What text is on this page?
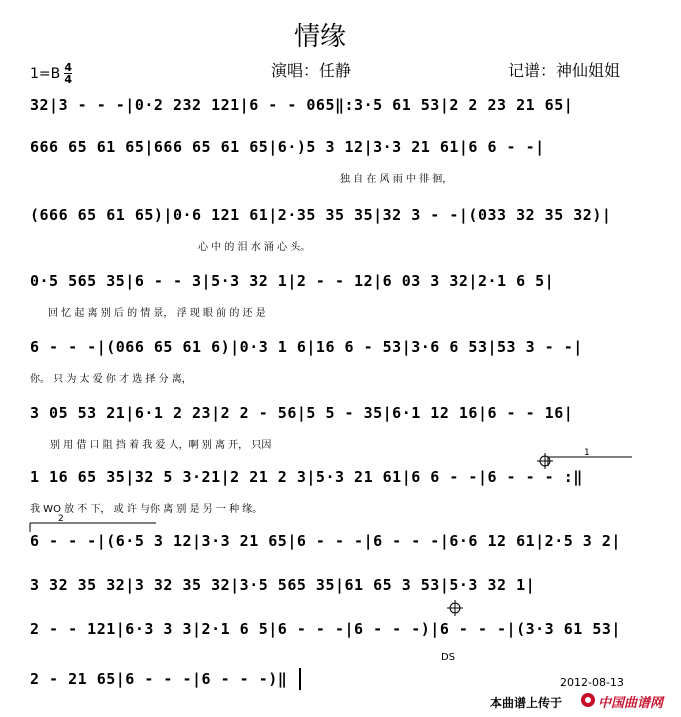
情缘
$1=B \frac{4}{4}$	演唱：任静	记谱：神仙姐姐
32|3 - - -|0·2 232 121|6 - - 065‖:3·5 61 53|2 2 23 21 65|
666 65 61 65|666 65 61 65|6·)5 3 12|3·3 21 61|6 6 - -|
独 自 在 风 雨 中 徘 徊，
(666 65 61 65)|0·6 121 61|2·35 35 35|32 3 - -|(033 32 35 32)|
心 中 的 泪 水 涌 心 头。
0·5 565 35|6 - - 3|5·3 32 1|2 - - 12|6 03 3 32|2·1 6 5|
回 忆 起 离 别 后 的 情 景， 浮 现 眼 前 的 还 是
6 - - -|(066 65 61 6)|0·3 1 6|16 6 - 53|3·6 6 53|53 3 - -|
你。 只 为 太 爱 你 才 选 择 分 离，
3 05 53 21|6·1 2 23|2 2 - 56|5 5 - 35|6·1 12 16|6 - - 16|
别 用 借 口 阻 挡 着 我 爱 人，啊 别 离 开， 只因
1 16 65 35|32 5 3·21|2 21 2 3|5·3 21 61|6 6 - -|6 - - - :‖
我 WO 放 不 下， 或 许 与你 离 别 是 另 一 种 缘。
6 - - -|(6·5 3 12|3·3 21 65|6 - - -|6 - - -|6·6 12 61|2·5 3 2|
3 32 35 32|3 32 35 32|3·5 565 35|61 65 3 53|5·3 32 1|
2 - - 121|6·3 3 3|2·1 6 5|6 - - -|6 - - -)|6 - - -|(3·3 61 53|
DS
2 - 21 65|6 - - -|6 - - -)‖
1
2
2012-08-13
本曲谱上传于	中国曲谱网
